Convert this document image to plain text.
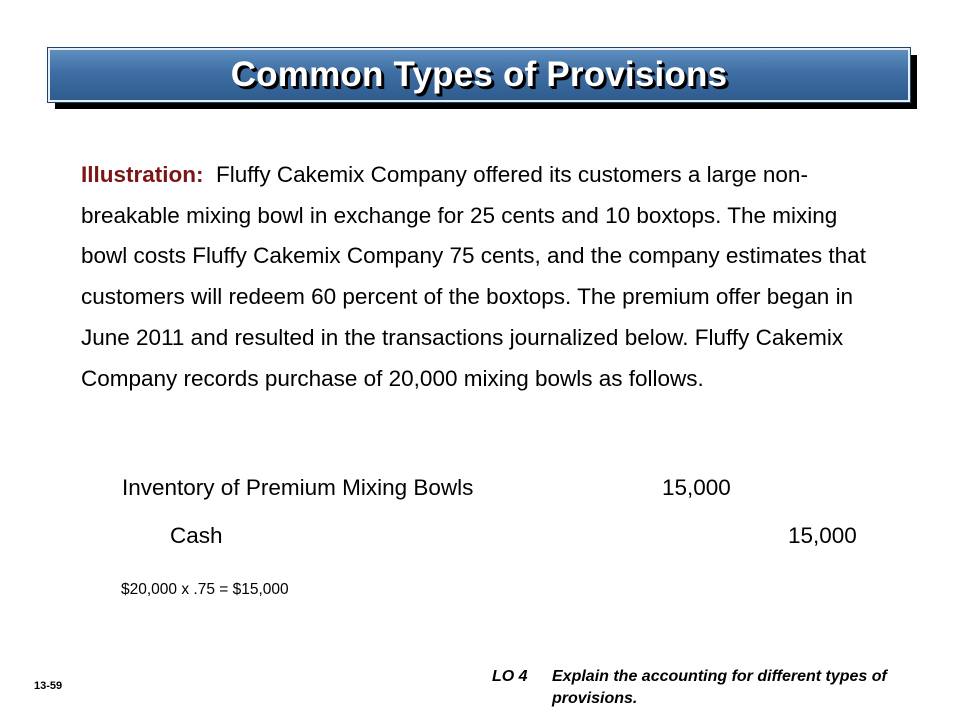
Common Types of Provisions
Illustration: Fluffy Cakemix Company offered its customers a large non-breakable mixing bowl in exchange for 25 cents and 10 boxtops. The mixing bowl costs Fluffy Cakemix Company 75 cents, and the company estimates that customers will redeem 60 percent of the boxtops. The premium offer began in June 2011 and resulted in the transactions journalized below. Fluffy Cakemix Company records purchase of 20,000 mixing bowls as follows.
Inventory of Premium Mixing Bowls	15,000
Cash	15,000
$20,000 x .75 = $15,000
13-59
LO 4 Explain the accounting for different types of provisions.
